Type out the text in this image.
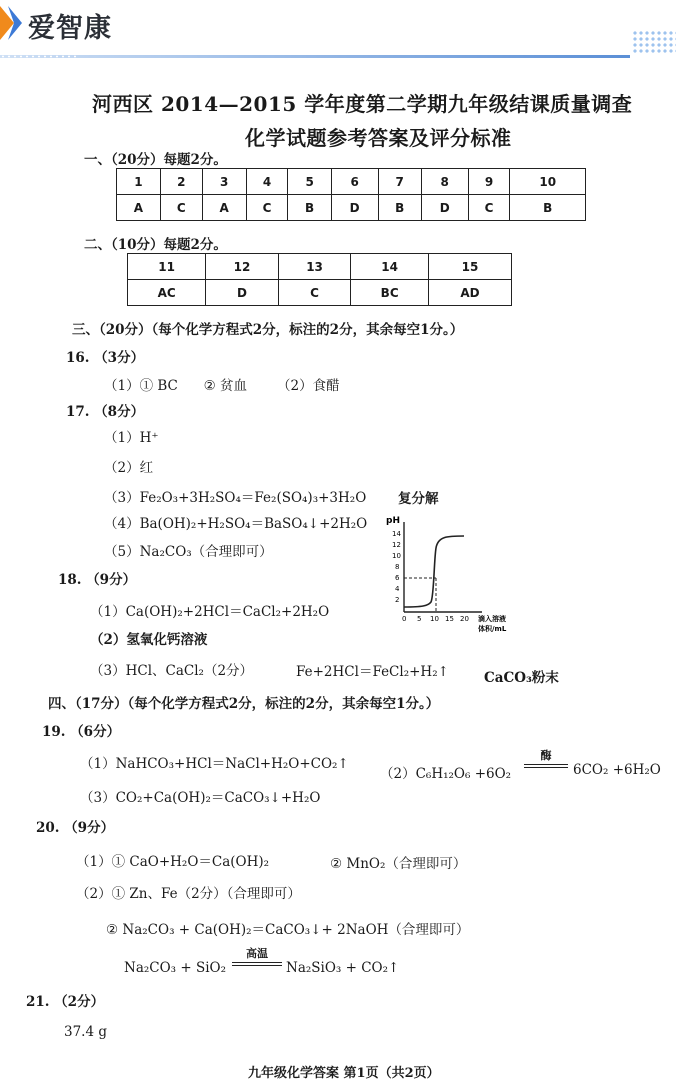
爱智康
河西区 2014—2015 学年度第二学期九年级结课质量调查
化学试题参考答案及评分标准
一、（20分）每题2分。
1	2	3	4	5	6	7	8	9	10
A	C	A	C	B	D	B	D	C	B
二、（10分）每题2分。
11	12	13	14	15
AC	D	C	BC	AD
三、（20分）（每个化学方程式2分，标注的2分，其余每空1分。）
16. （3分）
（1）① BC      ② 贫血       （2）食醋
17. （8分）
（1）H⁺
（2）红
（3）Fe₂O₃+3H₂SO₄＝Fe₂(SO₄)₃+3H₂O 复分解
（4）Ba(OH)₂+H₂SO₄＝BaSO₄↓+2H₂O
（5）Na₂CO₃（合理即可）
pH
14
12
10
8
6
4
2
0 5 10 15 20 滴入溶液
体积/mL
18. （9分）
（1）Ca(OH)₂+2HCl＝CaCl₂+2H₂O
（2）氢氧化钙溶液
（3）HCl、CaCl₂（2分）	Fe+2HCl＝FeCl₂+H₂↑	CaCO₃粉末
四、（17分）（每个化学方程式2分，标注的2分，其余每空1分。）
19. （6分）
（1）NaHCO₃+HCl＝NaCl+H₂O+CO₂↑
（2）C₆H₁₂O₆ +6O₂
酶
6CO₂ +6H₂O
（3）CO₂+Ca(OH)₂＝CaCO₃↓+H₂O
20. （9分）
（1）① CaO+H₂O＝Ca(OH)₂	② MnO₂（合理即可）
（2）① Zn、Fe（2分）（合理即可）
② Na₂CO₃ + Ca(OH)₂＝CaCO₃↓+ 2NaOH（合理即可）
Na₂CO₃ + SiO₂
高温
Na₂SiO₃ + CO₂↑
21. （2分）
37.4 g
九年级化学答案 第1页（共2页）
